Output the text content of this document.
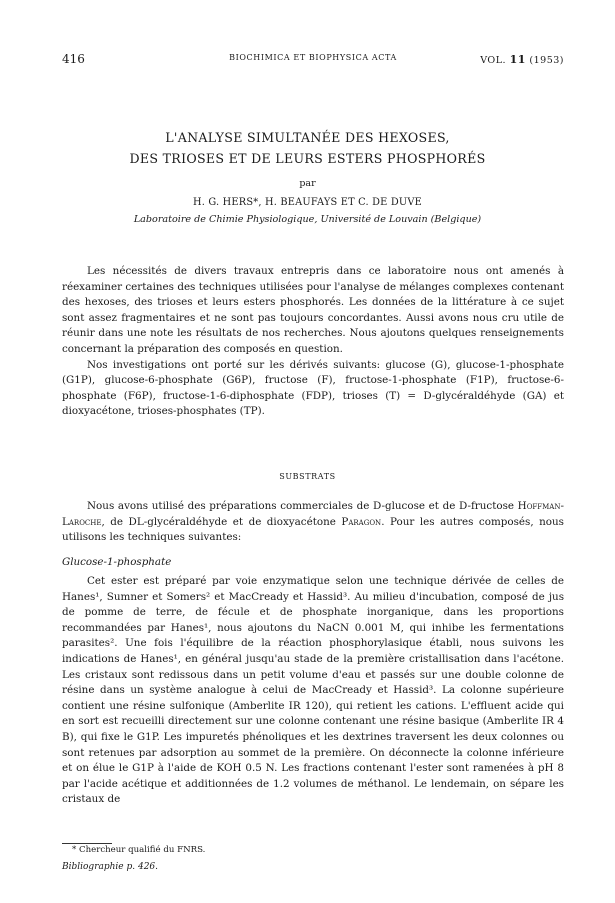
416	BIOCHIMICA ET BIOPHYSICA ACTA	VOL. 11 (1953)
L'ANALYSE SIMULTANÉE DES HEXOSES,
DES TRIOSES ET DE LEURS ESTERS PHOSPHORÉS
par
H. G. HERS*, H. BEAUFAYS ET C. DE DUVE
Laboratoire de Chimie Physiologique, Université de Louvain (Belgique)

Les nécessités de divers travaux entrepris dans ce laboratoire nous ont amenés à réexaminer certaines des techniques utilisées pour l'analyse de mélanges complexes contenant des hexoses, des trioses et leurs esters phosphorés. Les données de la littérature à ce sujet sont assez fragmentaires et ne sont pas toujours concordantes. Aussi avons nous cru utile de réunir dans une note les résultats de nos recherches. Nous ajoutons quelques renseignements concernant la préparation des composés en question.

Nos investigations ont porté sur les dérivés suivants: glucose (G), glucose-1-phosphate (G1P), glucose-6-phosphate (G6P), fructose (F), fructose-1-phosphate (F1P), fructose-6-phosphate (F6P), fructose-1-6-diphosphate (FDP), trioses (T) = D-glycéraldéhyde (GA) et dioxyacétone, trioses-phosphates (TP).

SUBSTRATS

Nous avons utilisé des préparations commerciales de D-glucose et de D-fructose Hoffman-Laroche, de DL-glycéraldéhyde et de dioxyacétone Paragon. Pour les autres composés, nous utilisons les techniques suivantes:

Glucose-1-phosphate

Cet ester est préparé par voie enzymatique selon une technique dérivée de celles de Hanes¹, Sumner et Somers² et MacCready et Hassid³. Au milieu d'incubation, composé de jus de pomme de terre, de fécule et de phosphate inorganique, dans les proportions recommandées par Hanes¹, nous ajoutons du NaCN 0.001 M, qui inhibe les fermentations parasites². Une fois l'équilibre de la réaction phosphorylasique établi, nous suivons les indications de Hanes¹, en général jusqu'au stade de la première cristallisation dans l'acétone. Les cristaux sont redissous dans un petit volume d'eau et passés sur une double colonne de résine dans un système analogue à celui de MacCready et Hassid³. La colonne supérieure contient une résine sulfonique (Amberlite IR 120), qui retient les cations. L'effluent acide qui en sort est recueilli directement sur une colonne contenant une résine basique (Amberlite IR 4 B), qui fixe le G1P. Les impuretés phénoliques et les dextrines traversent les deux colonnes ou sont retenues par adsorption au sommet de la première. On déconnecte la colonne inférieure et on élue le G1P à l'aide de KOH 0.5 N. Les fractions contenant l'ester sont ramenées à pH 8 par l'acide acétique et additionnées de 1.2 volumes de méthanol. Le lendemain, on sépare les cristaux de

* Chercheur qualifié du FNRS.
Bibliographie p. 426.
